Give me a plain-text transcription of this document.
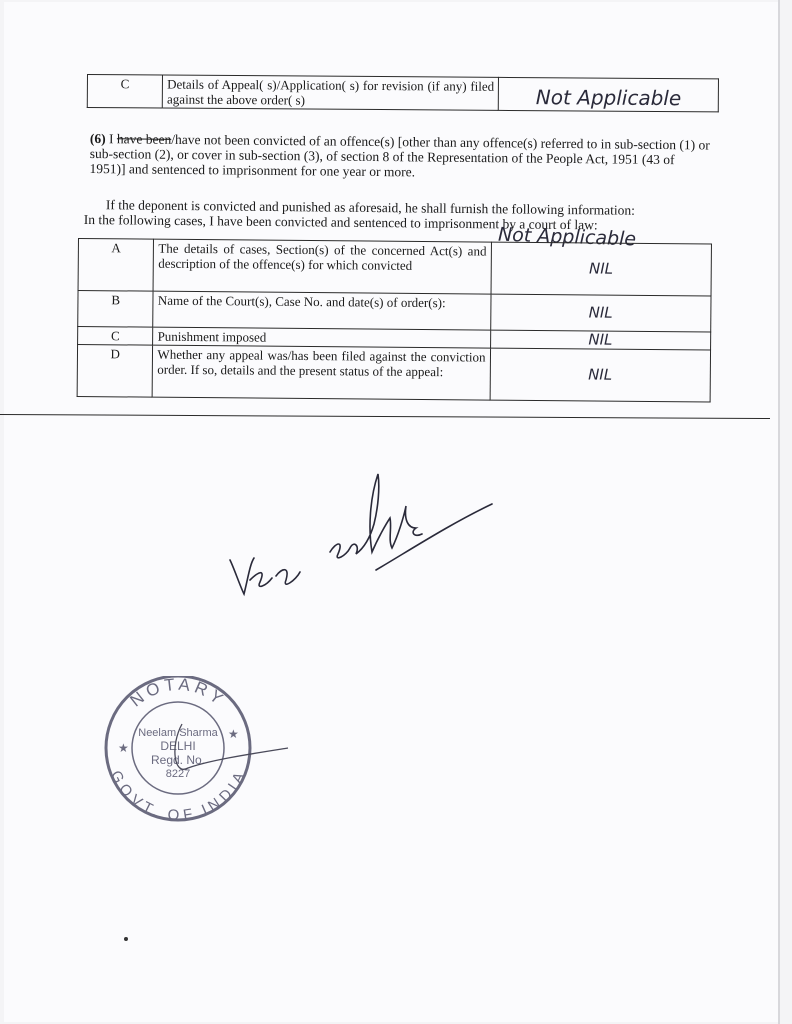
C	Details of Appeal( s)/Application( s) for revision (if any) filed against the above order( s)	Not Applicable
(6) I have been/have not been convicted of an offence(s) [other than any offence(s) referred to in sub-section (1) or sub-section (2), or cover in sub-section (3), of section 8 of the Representation of the People Act, 1951 (43 of 1951)] and sentenced to imprisonment for one year or more.
If the deponent is convicted and punished as aforesaid, he shall furnish the following information:
In the following cases, I have been convicted and sentenced to imprisonment by a court of law:
Not Applicable
A	The details of cases, Section(s) of the concerned Act(s) and description of the offence(s) for which convicted	NIL
B	Name of the Court(s), Case No. and date(s) of order(s):	NIL
C	Punishment imposed	NIL
D	Whether any appeal was/has been filed against the conviction order. If so, details and the present status of the appeal:	NIL
NOTARY
GOVT. OF INDIA
★
★
Neelam Sharma
DELHI
Regd. No.
8227
